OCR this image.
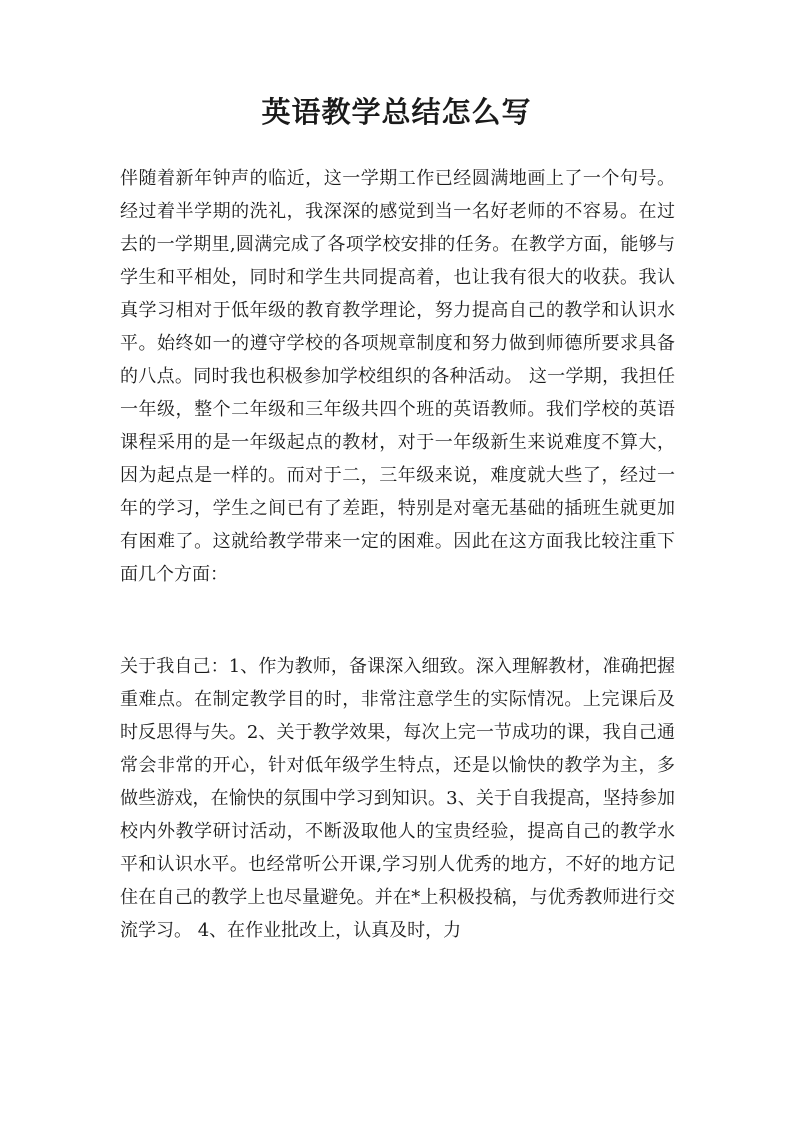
英语教学总结怎么写
伴随着新年钟声的临近，这一学期工作已经圆满地画上了一个句号。经过着半学期的洗礼，我深深的感觉到当一名好老师的不容易。在过去的一学期里,圆满完成了各项学校安排的任务。在教学方面，能够与学生和平相处，同时和学生共同提高着，也让我有很大的收获。我认真学习相对于低年级的教育教学理论，努力提高自己的教学和认识水平。始终如一的遵守学校的各项规章制度和努力做到师德所要求具备的八点。同时我也积极参加学校组织的各种活动。 这一学期，我担任一年级，整个二年级和三年级共四个班的英语教师。我们学校的英语课程采用的是一年级起点的教材，对于一年级新生来说难度不算大，因为起点是一样的。而对于二，三年级来说，难度就大些了，经过一年的学习，学生之间已有了差距，特别是对毫无基础的插班生就更加有困难了。这就给教学带来一定的困难。因此在这方面我比较注重下面几个方面：
关于我自己：1、作为教师，备课深入细致。深入理解教材，准确把握重难点。在制定教学目的时，非常注意学生的实际情况。上完课后及时反思得与失。2、关于教学效果，每次上完一节成功的课，我自己通常会非常的开心，针对低年级学生特点，还是以愉快的教学为主，多做些游戏，在愉快的氛围中学习到知识。3、关于自我提高，坚持参加校内外教学研讨活动，不断汲取他人的宝贵经验，提高自己的教学水平和认识水平。也经常听公开课,学习别人优秀的地方，不好的地方记住在自己的教学上也尽量避免。并在*上积极投稿，与优秀教师进行交流学习。 4、在作业批改上，认真及时，力
